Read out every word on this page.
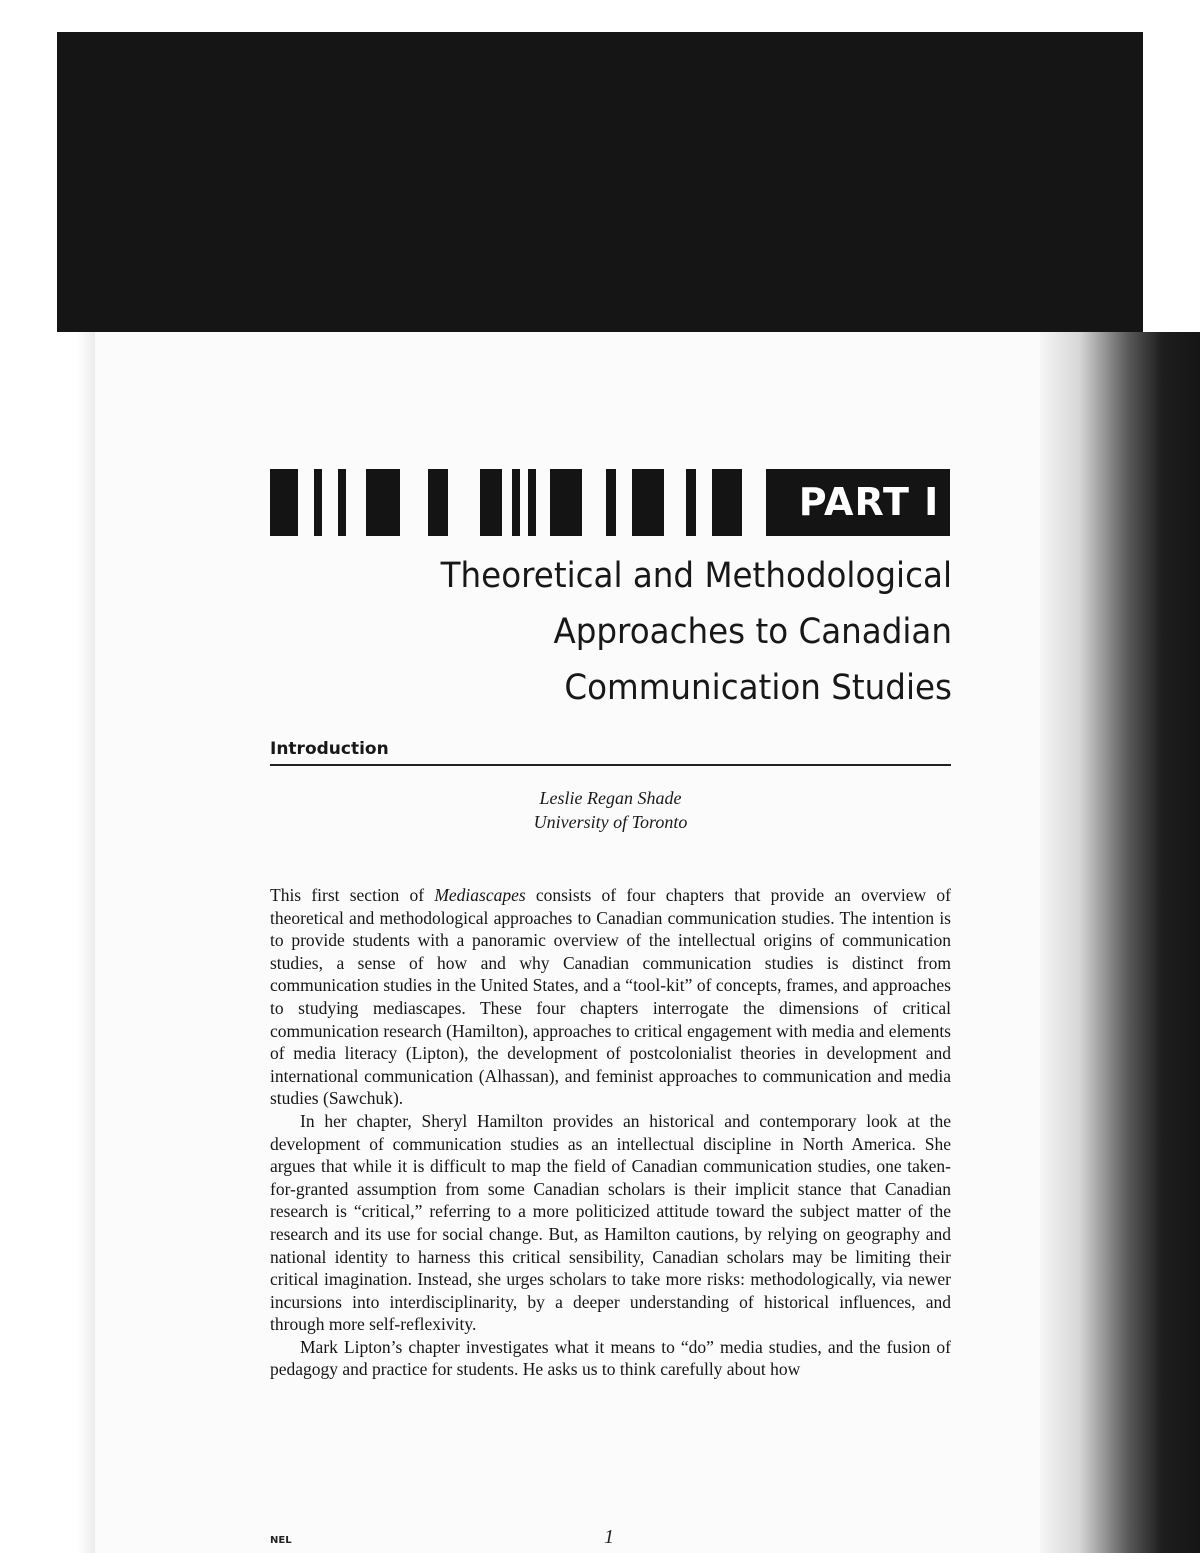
PART I
Theoretical and Methodological
Approaches to Canadian
Communication Studies
Introduction
Leslie Regan Shade
University of Toronto

This first section of Mediascapes consists of four chapters that provide an overview of theoretical and methodological approaches to Canadian communication studies. The intention is to provide students with a panoramic overview of the intellectual origins of communication studies, a sense of how and why Canadian communication studies is distinct from communication studies in the United States, and a “tool-kit” of concepts, frames, and approaches to studying mediascapes. These four chapters interrogate the dimensions of critical communication research (Hamilton), approaches to critical engagement with media and elements of media literacy (Lipton), the development of postcolonialist theories in development and international communication (Alhassan), and feminist approaches to communication and media studies (Sawchuk).

In her chapter, Sheryl Hamilton provides an historical and contemporary look at the development of communication studies as an intellectual discipline in North America. She argues that while it is difficult to map the field of Canadian communication studies, one taken-for-granted assumption from some Canadian scholars is their implicit stance that Canadian research is “critical,” referring to a more politicized attitude toward the subject matter of the research and its use for social change. But, as Hamilton cautions, by relying on geography and national identity to harness this critical sensibility, Canadian scholars may be limiting their critical imagination. Instead, she urges scholars to take more risks: methodologically, via newer incursions into interdisciplinarity, by a deeper understanding of historical influences, and through more self-reflexivity.

Mark Lipton’s chapter investigates what it means to “do” media studies, and the fusion of pedagogy and practice for students. He asks us to think carefully about how

NEL	1
